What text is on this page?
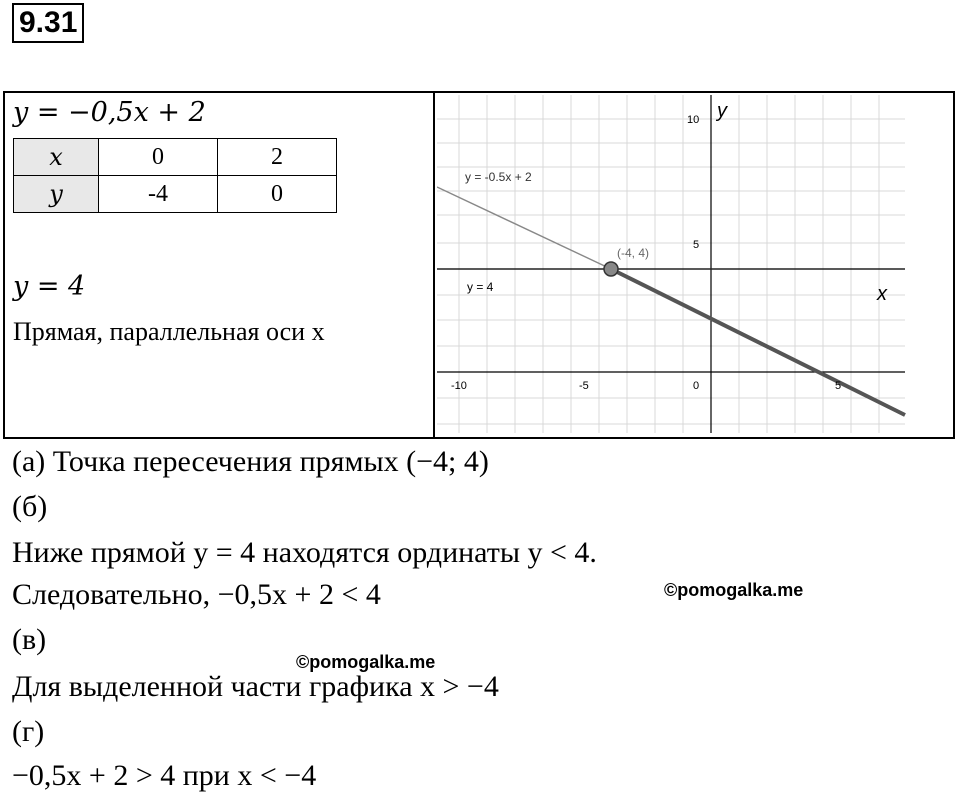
9.31
y = −0,5x + 2
x	0	2
y	-4	0
y = 4
Прямая, параллельная оси x
y = -0.5x + 2
y = 4
(-4, 4)
x
y
-10	-5	0	5
10
5
(а) Точка пересечения прямых (−4; 4)
(б)
Ниже прямой y = 4 находятся ординаты y < 4.
Следовательно, −0,5x + 2 < 4
(в)
Для выделенной части графика x > −4
(г)
−0,5x + 2 > 4 при x < −4
©pomogalka.me
©pomogalka.me
